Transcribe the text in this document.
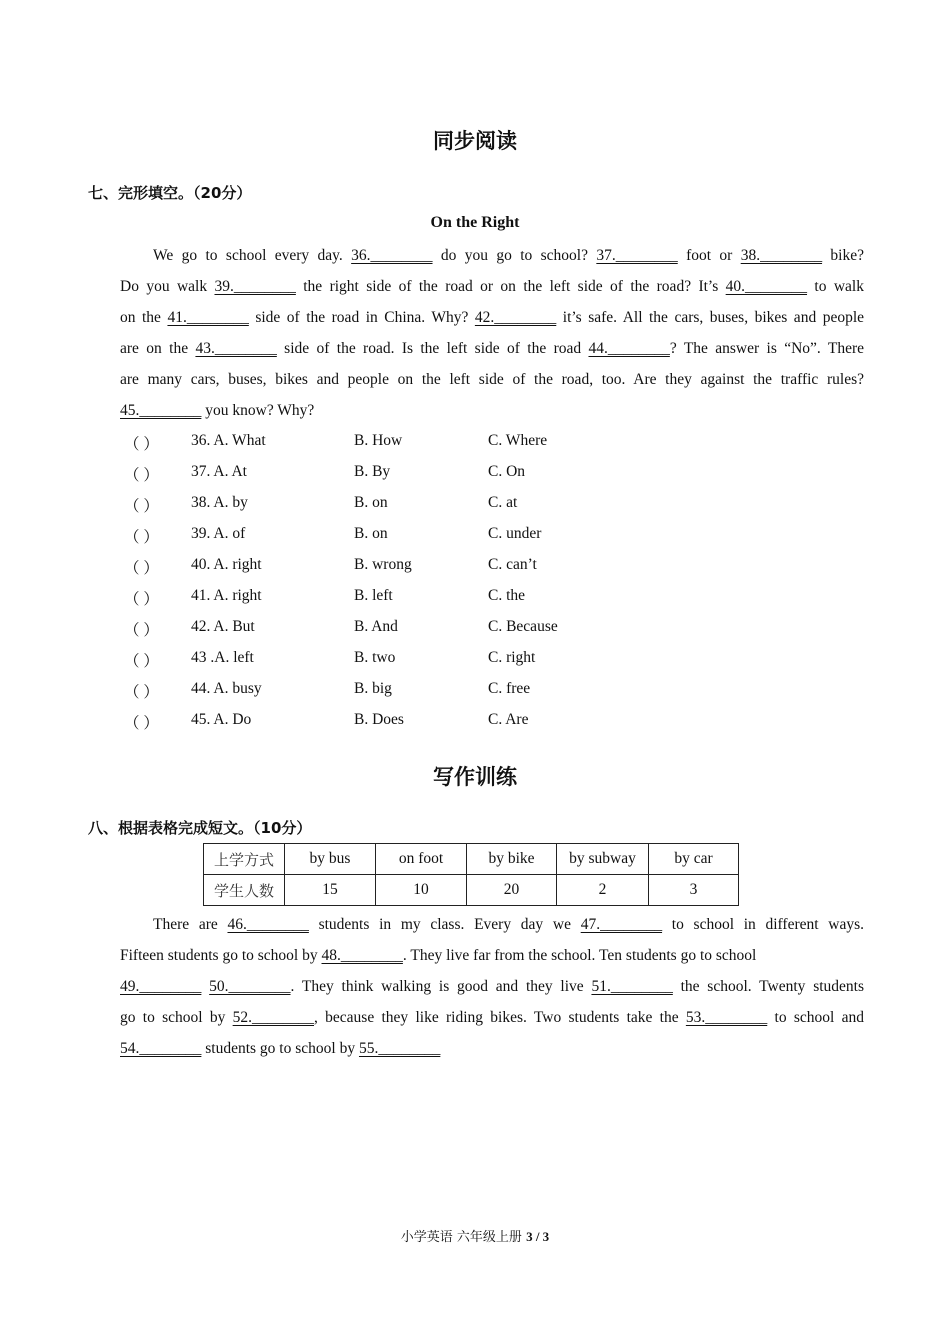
同步阅读
七、完形填空。（20分）
On the Right
We go to school every day. 36.________ do you go to school? 37.________ foot or 38.________ bike?
Do you walk 39.________ the right side of the road or on the left side of the road? It’s 40.________ to walk
on the 41.________ side of the road in China. Why? 42.________ it’s safe. All the cars, buses, bikes and people
are on the 43.________ side of the road. Is the left side of the road 44.________? The answer is “No”. There
are many cars, buses, bikes and people on the left side of the road, too. Are they against the traffic rules?
45.________ you know? Why?
（ ） 36. A. What	B. How	C. Where
（ ） 37. A. At	B. By	C. On
（ ） 38. A. by	B. on	C. at
（ ） 39. A. of	B. on	C. under
（ ） 40. A. right	B. wrong	C. can’t
（ ） 41. A. right	B. left	C. the
（ ） 42. A. But	B. And	C. Because
（ ） 43 .A. left	B. two	C. right
（ ） 44. A. busy	B. big	C. free
（ ） 45. A. Do	B. Does	C. Are
写作训练
八、根据表格完成短文。（10分）
上学方式	by bus	on foot	by bike	by subway	by car
学生人数	15	10	20	2	3
There are 46.________ students in my class. Every day we 47.________ to school in different ways.
Fifteen students go to school by 48.________. They live far from the school. Ten students go to school
49.________ 50.________. They think walking is good and they live 51.________ the school. Twenty students
go to school by 52.________, because they like riding bikes. Two students take the 53.________ to school and
54.________ students go to school by 55.________
小学英语 六年级上册 3 / 3
